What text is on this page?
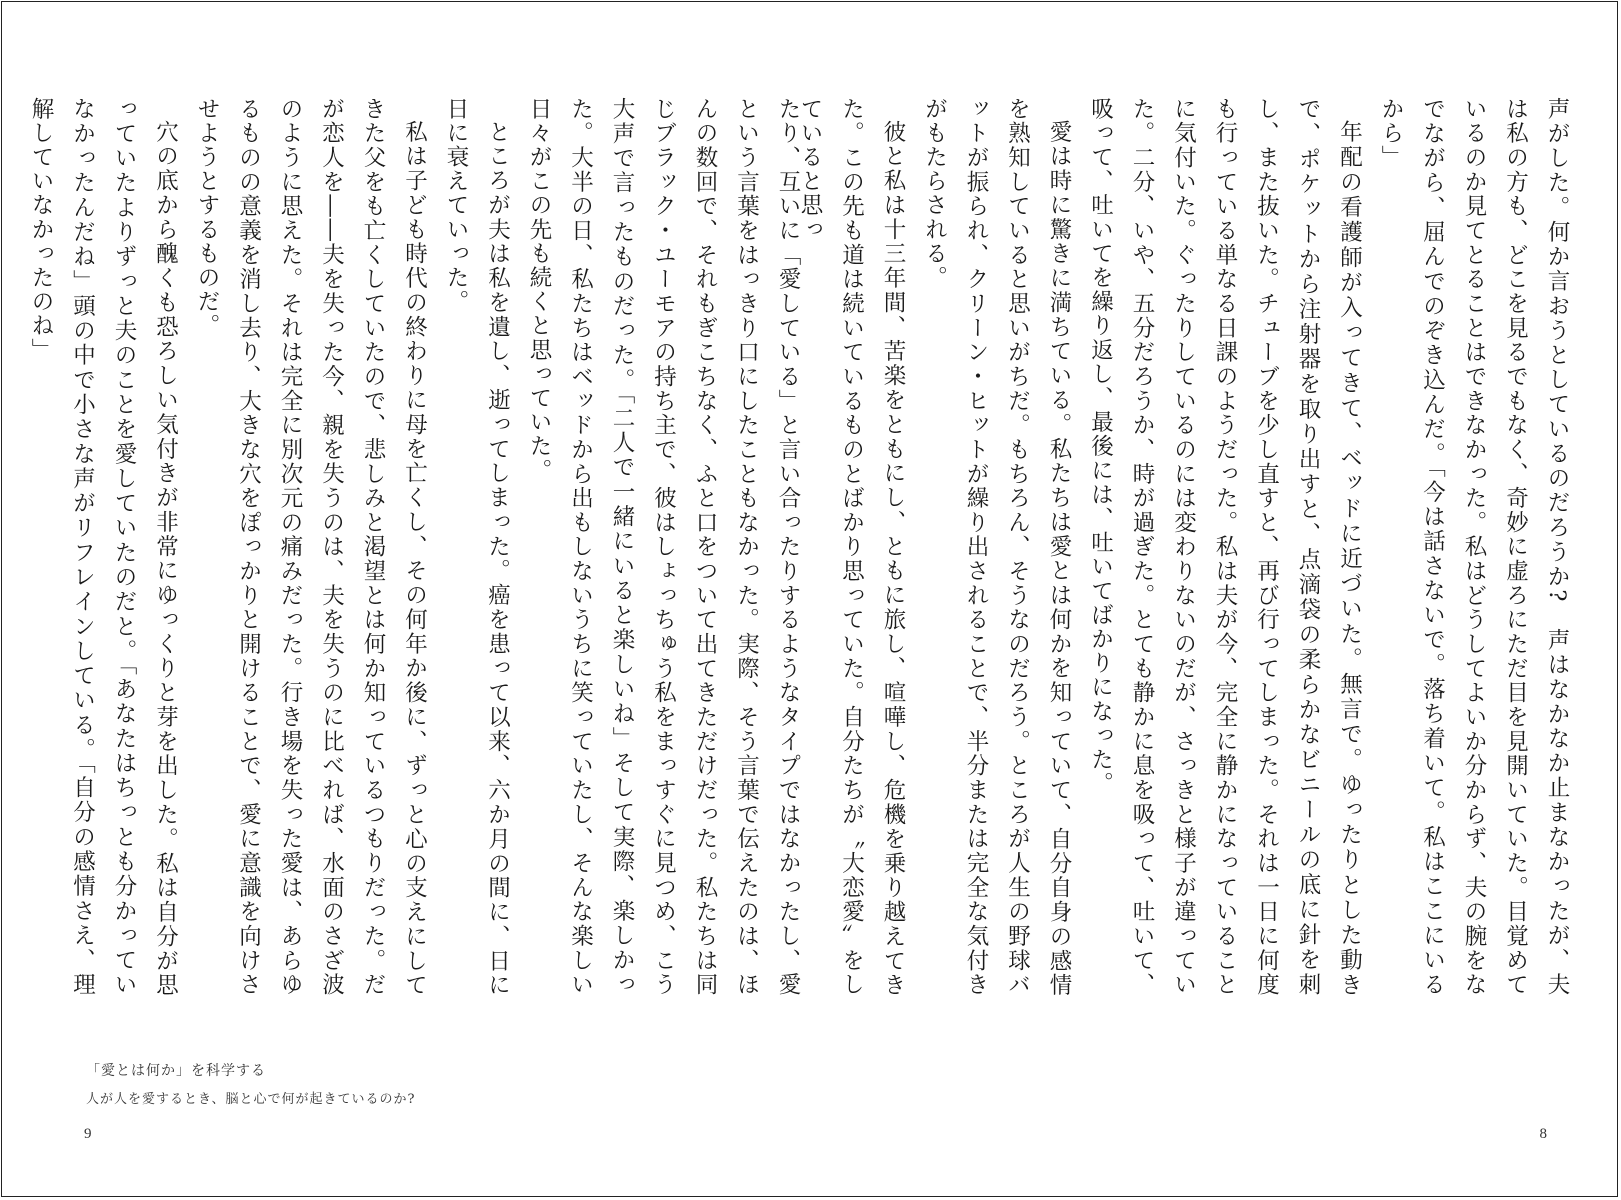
たり、互いに「愛している」と言い合ったりするようなタイプではなかったし、愛という言葉をはっきり口にしたこともなかった。実際、そう言葉で伝えたのは、ほんの数回で、それもぎこちなく、ふと口をついて出てきただけだった。私たちは同じブラック・ユーモアの持ち主で、彼はしょっちゅう私をまっすぐに見つめ、こう大声で言ったものだった。「二人で一緒にいると楽しいね」そして実際、楽しかった。大半の日、私たちはベッドから出もしないうちに笑っていたし、そんな楽しい日々がこの先も続くと思っていた。

ところが夫は私を遺し、逝ってしまった。癌を患って以来、六か月の間に、日に日に衰えていった。

私は子ども時代の終わりに母を亡くし、その何年か後に、ずっと心の支えにしてきた父をも亡くしていたので、悲しみと渇望とは何か知っているつもりだった。だが恋人を――夫を失った今、親を失うのは、夫を失うのに比べれば、水面のさざ波のように思えた。それは完全に別次元の痛みだった。行き場を失った愛は、あらゆるものの意義を消し去り、大きな穴をぽっかりと開けることで、愛に意識を向けさせようとするものだ。

穴の底から醜くも恐ろしい気付きが非常にゆっくりと芽を出した。私は自分が思っていたよりずっと夫のことを愛していたのだと。「あなたはちっとも分かっていなかったんだね」頭の中で小さな声がリフレインしている。「自分の感情さえ、理解していなかったのね」

「愛とは何か」を科学する
人が人を愛するとき、脳と心で何が起きているのか?
9

声がした。何か言おうとしているのだろうか?　声はなかなか止まなかったが、夫は私の方も、どこを見るでもなく、奇妙に虚ろにただ目を見開いていた。目覚めているのか見てとることはできなかった。私はどうしてよいか分からず、夫の腕をなでながら、屈んでのぞき込んだ。「今は話さないで。落ち着いて。私はここにいるから」

年配の看護師が入ってきて、ベッドに近づいた。無言で。ゆったりとした動きで、ポケットから注射器を取り出すと、点滴袋の柔らかなビニールの底に針を刺し、また抜いた。チューブを少し直すと、再び行ってしまった。それは一日に何度も行っている単なる日課のようだった。私は夫が今、完全に静かになっていることに気付いた。ぐったりしているのには変わりないのだが、さっきと様子が違っていた。二分、いや、五分だろうか、時が過ぎた。とても静かに息を吸って、吐いて、吸って、吐いてを繰り返し、最後には、吐いてばかりになった。

愛は時に驚きに満ちている。私たちは愛とは何かを知っていて、自分自身の感情を熟知していると思いがちだ。もちろん、そうなのだろう。ところが人生の野球バットが振られ、クリーン・ヒットが繰り出されることで、半分または完全な気付きがもたらされる。

彼と私は十三年間、苦楽をともにし、ともに旅し、喧嘩し、危機を乗り越えてきた。この先も道は続いているものとばかり思っていた。自分たちが〝大恋愛〟をしていると思っ

8
